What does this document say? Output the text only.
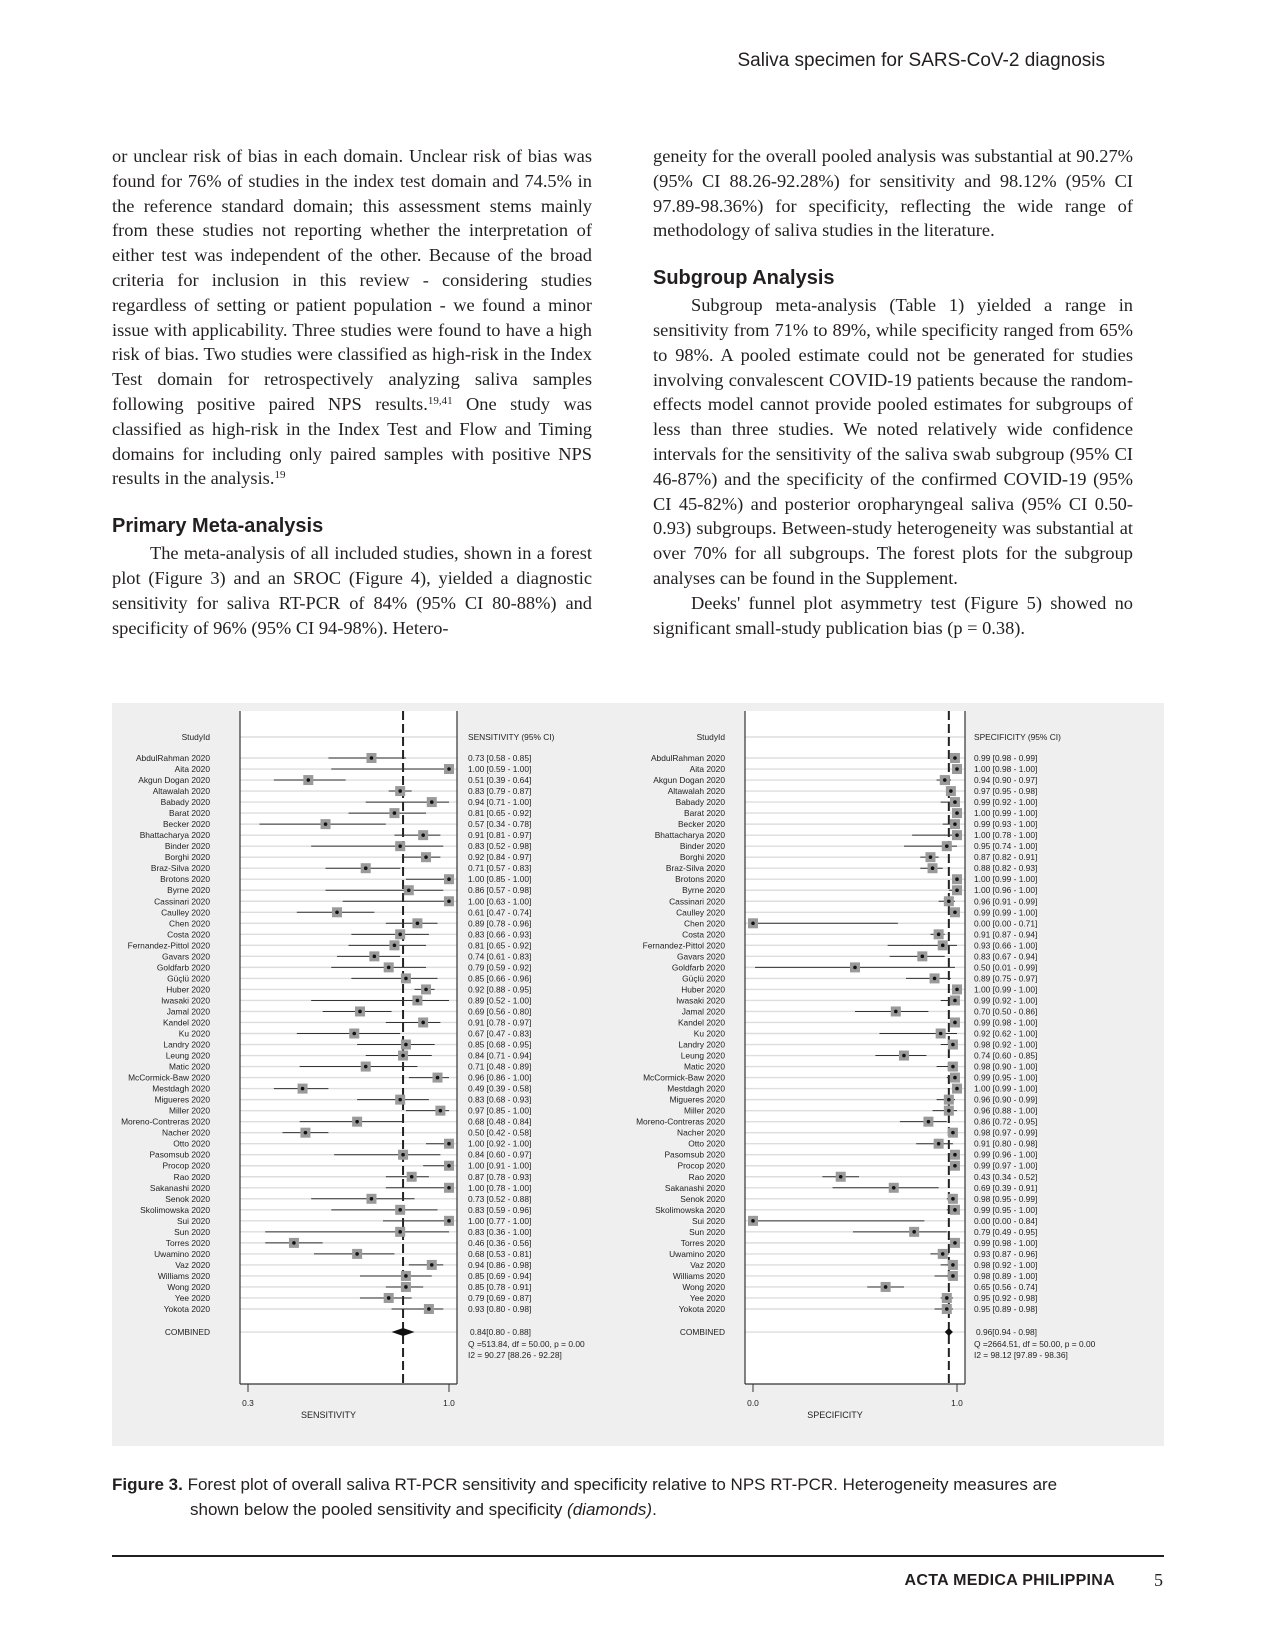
Saliva specimen for SARS-CoV-2 diagnosis

or unclear risk of bias in each domain. Unclear risk of bias was found for 76% of studies in the index test domain and 74.5% in the reference standard domain; this assessment stems mainly from these studies not reporting whether the interpretation of either test was independent of the other. Because of the broad criteria for inclusion in this review - considering studies regardless of setting or patient population - we found a minor issue with applicability. Three studies were found to have a high risk of bias. Two studies were classified as high-risk in the Index Test domain for retrospectively analyzing saliva samples following positive paired NPS results.$^{19,41}$ One study was classified as high-risk in the Index Test and Flow and Timing domains for including only paired samples with positive NPS results in the analysis.$^{19}$

Primary Meta-analysis

The meta-analysis of all included studies, shown in a forest plot (Figure 3) and an SROC (Figure 4), yielded a diagnostic sensitivity for saliva RT-PCR of 84% (95% CI 80-88%) and specificity of 96% (95% CI 94-98%). Hetero-

geneity for the overall pooled analysis was substantial at 90.27% (95% CI 88.26-92.28%) for sensitivity and 98.12% (95% CI 97.89-98.36%) for specificity, reflecting the wide range of methodology of saliva studies in the literature.

Subgroup Analysis

Subgroup meta-analysis (Table 1) yielded a range in sensitivity from 71% to 89%, while specificity ranged from 65% to 98%. A pooled estimate could not be generated for studies involving convalescent COVID-19 patients because the random-effects model cannot provide pooled estimates for subgroups of less than three studies. We noted relatively wide confidence intervals for the sensitivity of the saliva swab subgroup (95% CI 46-87%) and the specificity of the confirmed COVID-19 (95% CI 45-82%) and posterior oropharyngeal saliva (95% CI 0.50-0.93) subgroups. Between-study heterogeneity was substantial at over 70% for all subgroups. The forest plots for the subgroup analyses can be found in the Supplement.

Deeks' funnel plot asymmetry test (Figure 5) showed no significant small-study publication bias (p = 0.38).

StudyId	SENSITIVITY (95% CI)
AbdulRahman 2020	0.73 [0.58 - 0.85]
Aita 2020	1.00 [0.59 - 1.00]
Akgun Dogan 2020	0.51 [0.39 - 0.64]
Altawalah 2020	0.83 [0.79 - 0.87]
Babady 2020	0.94 [0.71 - 1.00]
Barat 2020	0.81 [0.65 - 0.92]
Becker 2020	0.57 [0.34 - 0.78]
Bhattacharya 2020	0.91 [0.81 - 0.97]
Binder 2020	0.83 [0.52 - 0.98]
Borghi 2020	0.92 [0.84 - 0.97]
Braz-Silva 2020	0.71 [0.57 - 0.83]
Brotons 2020	1.00 [0.85 - 1.00]
Byrne 2020	0.86 [0.57 - 0.98]
Cassinari 2020	1.00 [0.63 - 1.00]
Caulley 2020	0.61 [0.47 - 0.74]
Chen 2020	0.89 [0.78 - 0.96]
Costa 2020	0.83 [0.66 - 0.93]
Fernandez-Pittol 2020	0.81 [0.65 - 0.92]
Gavars 2020	0.74 [0.61 - 0.83]
Goldfarb 2020	0.79 [0.59 - 0.92]
Güçlü 2020	0.85 [0.66 - 0.96]
Huber 2020	0.92 [0.88 - 0.95]
Iwasaki 2020	0.89 [0.52 - 1.00]
Jamal 2020	0.69 [0.56 - 0.80]
Kandel 2020	0.91 [0.78 - 0.97]
Ku 2020	0.67 [0.47 - 0.83]
Landry 2020	0.85 [0.68 - 0.95]
Leung 2020	0.84 [0.71 - 0.94]
Matic 2020	0.71 [0.48 - 0.89]
McCormick-Baw 2020	0.96 [0.86 - 1.00]
Mestdagh 2020	0.49 [0.39 - 0.58]
Migueres 2020	0.83 [0.68 - 0.93]
Miller 2020	0.97 [0.85 - 1.00]
Moreno-Contreras 2020	0.68 [0.48 - 0.84]
Nacher 2020	0.50 [0.42 - 0.58]
Otto 2020	1.00 [0.92 - 1.00]
Pasomsub 2020	0.84 [0.60 - 0.97]
Procop 2020	1.00 [0.91 - 1.00]
Rao 2020	0.87 [0.78 - 0.93]
Sakanashi 2020	1.00 [0.78 - 1.00]
Senok 2020	0.73 [0.52 - 0.88]
Skolimowska 2020	0.83 [0.59 - 0.96]
Sui 2020	1.00 [0.77 - 1.00]
Sun 2020	0.83 [0.36 - 1.00]
Torres 2020	0.46 [0.36 - 0.56]
Uwamino 2020	0.68 [0.53 - 0.81]
Vaz 2020	0.94 [0.86 - 0.98]
Williams 2020	0.85 [0.69 - 0.94]
Wong 2020	0.85 [0.78 - 0.91]
Yee 2020	0.79 [0.69 - 0.87]
Yokota 2020	0.93 [0.80 - 0.98]
COMBINED	0.84[0.80 - 0.88]
Q =513.84, df = 50.00, p = 0.00
I2 = 90.27 [88.26 - 92.28]
0.3	1.0
SENSITIVITY
StudyId	SPECIFICITY (95% CI)
AbdulRahman 2020	0.99 [0.98 - 0.99]
Aita 2020	1.00 [0.98 - 1.00]
Akgun Dogan 2020	0.94 [0.90 - 0.97]
Altawalah 2020	0.97 [0.95 - 0.98]
Babady 2020	0.99 [0.92 - 1.00]
Barat 2020	1.00 [0.99 - 1.00]
Becker 2020	0.99 [0.93 - 1.00]
Bhattacharya 2020	1.00 [0.78 - 1.00]
Binder 2020	0.95 [0.74 - 1.00]
Borghi 2020	0.87 [0.82 - 0.91]
Braz-Silva 2020	0.88 [0.82 - 0.93]
Brotons 2020	1.00 [0.99 - 1.00]
Byrne 2020	1.00 [0.96 - 1.00]
Cassinari 2020	0.96 [0.91 - 0.99]
Caulley 2020	0.99 [0.99 - 1.00]
Chen 2020	0.00 [0.00 - 0.71]
Costa 2020	0.91 [0.87 - 0.94]
Fernandez-Pittol 2020	0.93 [0.66 - 1.00]
Gavars 2020	0.83 [0.67 - 0.94]
Goldfarb 2020	0.50 [0.01 - 0.99]
Güçlü 2020	0.89 [0.75 - 0.97]
Huber 2020	1.00 [0.99 - 1.00]
Iwasaki 2020	0.99 [0.92 - 1.00]
Jamal 2020	0.70 [0.50 - 0.86]
Kandel 2020	0.99 [0.98 - 1.00]
Ku 2020	0.92 [0.62 - 1.00]
Landry 2020	0.98 [0.92 - 1.00]
Leung 2020	0.74 [0.60 - 0.85]
Matic 2020	0.98 [0.90 - 1.00]
McCormick-Baw 2020	0.99 [0.95 - 1.00]
Mestdagh 2020	1.00 [0.99 - 1.00]
Migueres 2020	0.96 [0.90 - 0.99]
Miller 2020	0.96 [0.88 - 1.00]
Moreno-Contreras 2020	0.86 [0.72 - 0.95]
Nacher 2020	0.98 [0.97 - 0.99]
Otto 2020	0.91 [0.80 - 0.98]
Pasomsub 2020	0.99 [0.96 - 1.00]
Procop 2020	0.99 [0.97 - 1.00]
Rao 2020	0.43 [0.34 - 0.52]
Sakanashi 2020	0.69 [0.39 - 0.91]
Senok 2020	0.98 [0.95 - 0.99]
Skolimowska 2020	0.99 [0.95 - 1.00]
Sui 2020	0.00 [0.00 - 0.84]
Sun 2020	0.79 [0.49 - 0.95]
Torres 2020	0.99 [0.98 - 1.00]
Uwamino 2020	0.93 [0.87 - 0.96]
Vaz 2020	0.98 [0.92 - 1.00]
Williams 2020	0.98 [0.89 - 1.00]
Wong 2020	0.65 [0.56 - 0.74]
Yee 2020	0.95 [0.92 - 0.98]
Yokota 2020	0.95 [0.89 - 0.98]
COMBINED	0.96[0.94 - 0.98]
Q =2664.51, df = 50.00, p = 0.00
I2 = 98.12 [97.89 - 98.36]
0.0	1.0
SPECIFICITY
Figure 3. Forest plot of overall saliva RT-PCR sensitivity and specificity relative to NPS RT-PCR. Heterogeneity measures are
shown below the pooled sensitivity and specificity (diamonds).
ACTA MEDICA PHILIPPINA 5
